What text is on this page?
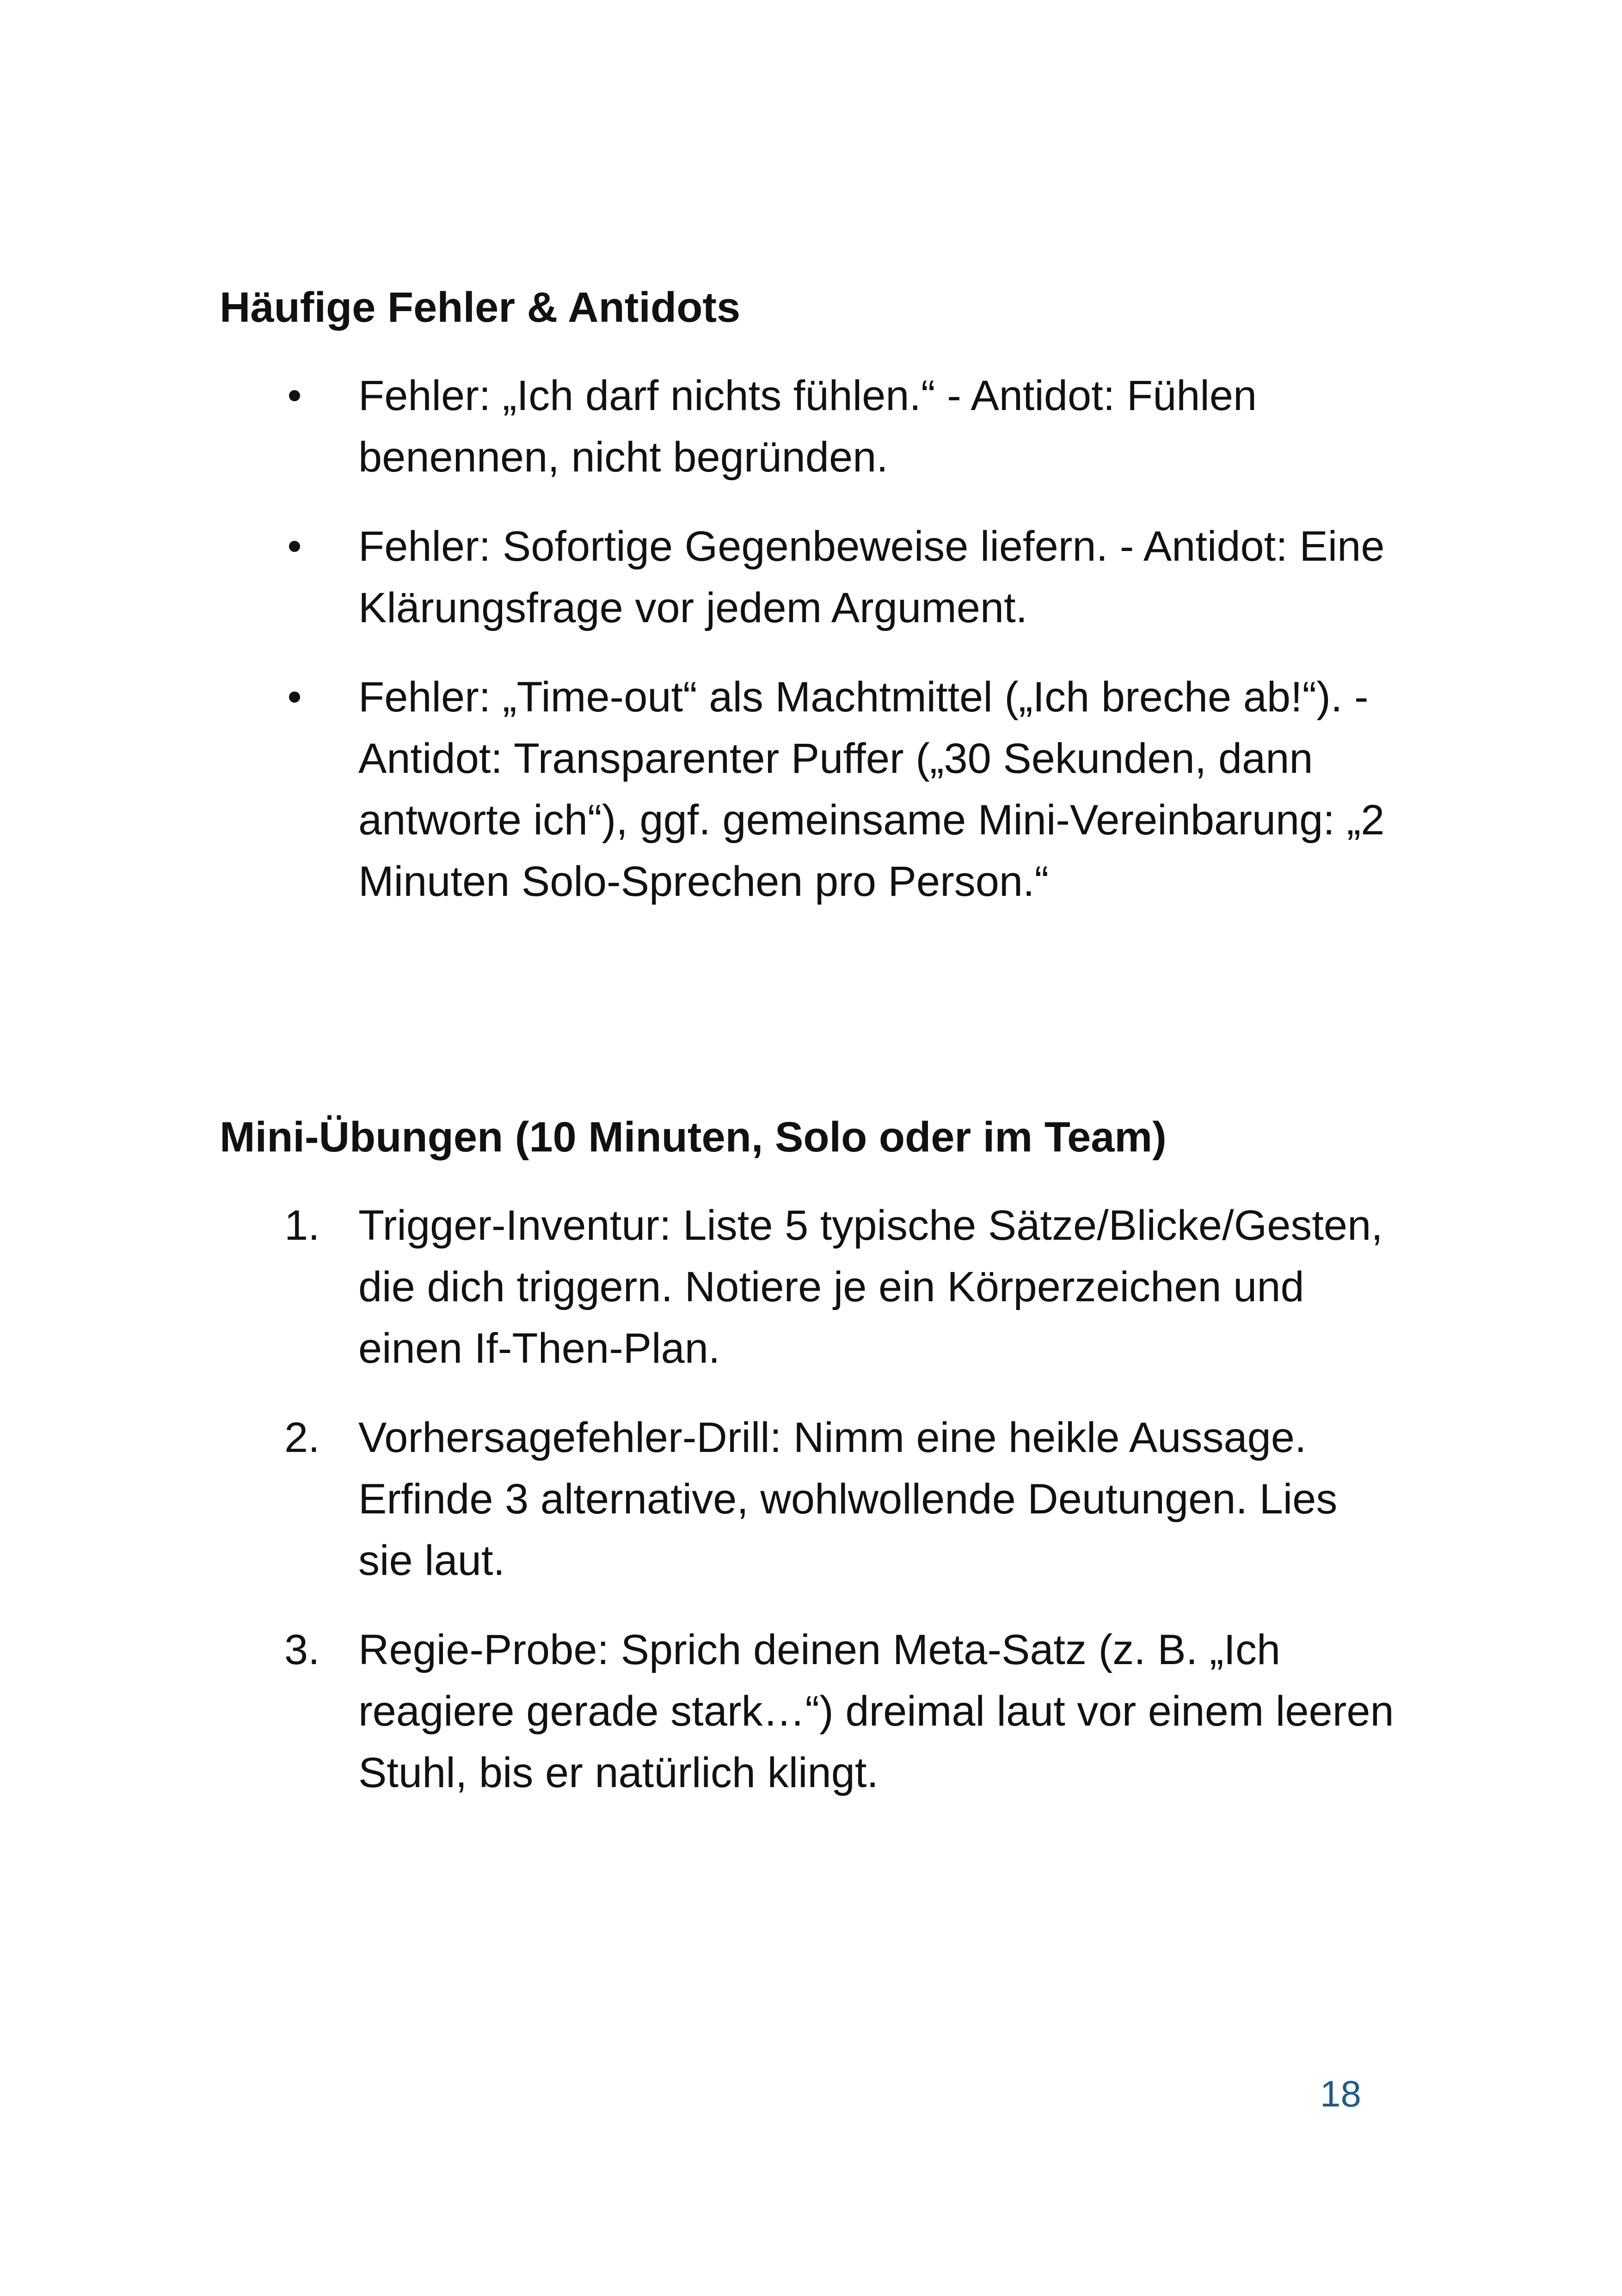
Häufige Fehler & Antidots
Fehler: „Ich darf nichts fühlen.“ - Antidot: Fühlen benennen, nicht begründen.
Fehler: Sofortige Gegenbeweise liefern. - Antidot: Eine Klärungsfrage vor jedem Argument.
Fehler: „Time-out“ als Machtmittel („Ich breche ab!“). - Antidot: Transparenter Puffer („30 Sekunden, dann antworte ich“), ggf. gemeinsame Mini-Vereinbarung: „2 Minuten Solo-Sprechen pro Person.“
Mini-Übungen (10 Minuten, Solo oder im Team)
1. Trigger-Inventur: Liste 5 typische Sätze/Blicke/Gesten, die dich triggern. Notiere je ein Körperzeichen und einen If-Then-Plan.
2. Vorhersagefehler-Drill: Nimm eine heikle Aussage. Erfinde 3 alternative, wohlwollende Deutungen. Lies sie laut.
3. Regie-Probe: Sprich deinen Meta-Satz (z. B. „Ich reagiere gerade stark…“) dreimal laut vor einem leeren Stuhl, bis er natürlich klingt.
18
